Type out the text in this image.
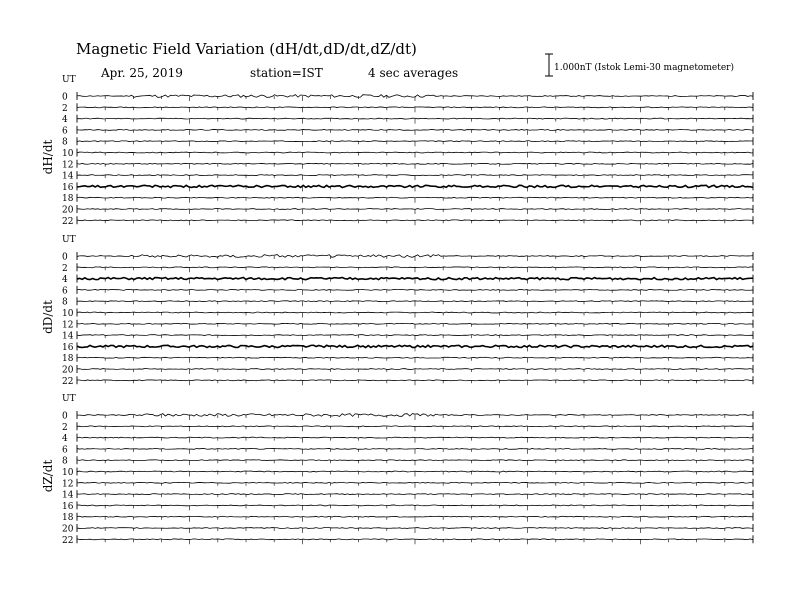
Magnetic Field Variation (dH/dt,dD/dt,dZ/dt)
Apr. 25, 2019	station=IST	4 sec averages	1.000nT (Istok Lemi-30 magnetometer)
UT
dH/dt
0
2
4
6
8
10
12
14
16
18
20
22
UT
dD/dt
0
2
4
6
8
10
12
14
16
18
20
22
UT
dZ/dt
0
2
4
6
8
10
12
14
16
18
20
22
